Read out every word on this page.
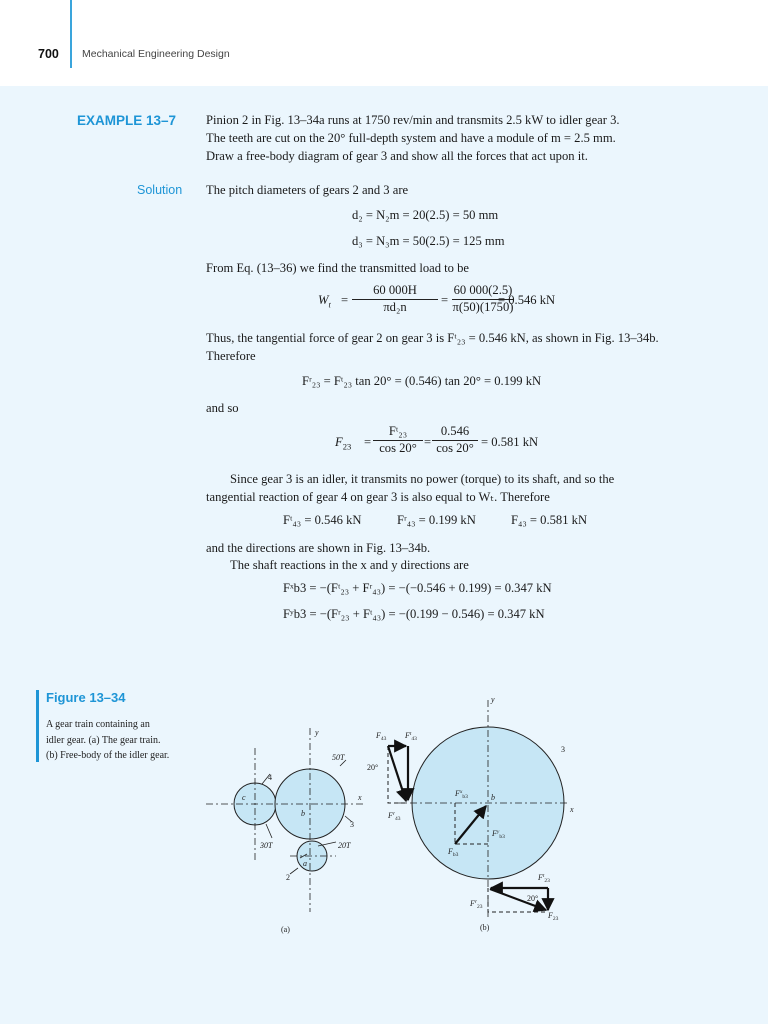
700 Mechanical Engineering Design
EXAMPLE 13–7 Pinion 2 in Fig. 13–34a runs at 1750 rev/min and transmits 2.5 kW to idler gear 3.
The teeth are cut on the 20° full-depth system and have a module of m = 2.5 mm.
Draw a free-body diagram of gear 3 and show all the forces that act upon it.
Solution The pitch diameters of gears 2 and 3 are
d₂ = N₂m = 20(2.5) = 50 mm
d₃ = N₃m = 50(2.5) = 125 mm
From Eq. (13–36) we find the transmitted load to be
$W_t = \frac{60 000H}{\text{πd₂n}} = \frac{60 000(2.5)}{\pi(50)(1750)}$
= 0.546 kN
Thus, the tangential force of gear 2 on gear 3 is Fᵗ₂₃ = 0.546 kN, as shown in Fig. 13–34b.
Therefore
Fʳ₂₃ = Fᵗ₂₃ tan 20° = (0.546) tan 20° = 0.199 kN
and so
$F_{23} = \frac{\text{Fᵗ₂₃}}{\cos 20^\circ} = \frac{0.546}{\cos 20^\circ} = 0.581$ kN
Since gear 3 is an idler, it transmits no power (torque) to its shaft, and so the
tangential reaction of gear 4 on gear 3 is also equal to Wₜ. Therefore
Fᵗ₄₃ = 0.546 kN	Fʳ₄₃ = 0.199 kN	F₄₃ = 0.581 kN
and the directions are shown in Fig. 13–34b.
The shaft reactions in the x and y directions are
Fˣb3 = −(Fᵗ₂₃ + Fʳ₄₃) = −(−0.546 + 0.199) = 0.347 kN
Fʸb3 = −(Fʳ₂₃ + Fᵗ₄₃) = −(0.199 − 0.546) = 0.347 kN
Figure 13–34
A gear train containing an
idler gear. (a) The gear train.
(b) Free-body of the idler gear.
c
b
a
y
x
50T
30T	20T
4
3
2
(a)
y
x
b
3
20°
20°
(b)
$F_{43}$ $F^t_{43}$
$F^r_{43}$
$F^x_{b3}$
$F^y_{b3}$
$F_{b3}$
$F^t_{23}$
$F^r_{23}$
$F_{23}$
